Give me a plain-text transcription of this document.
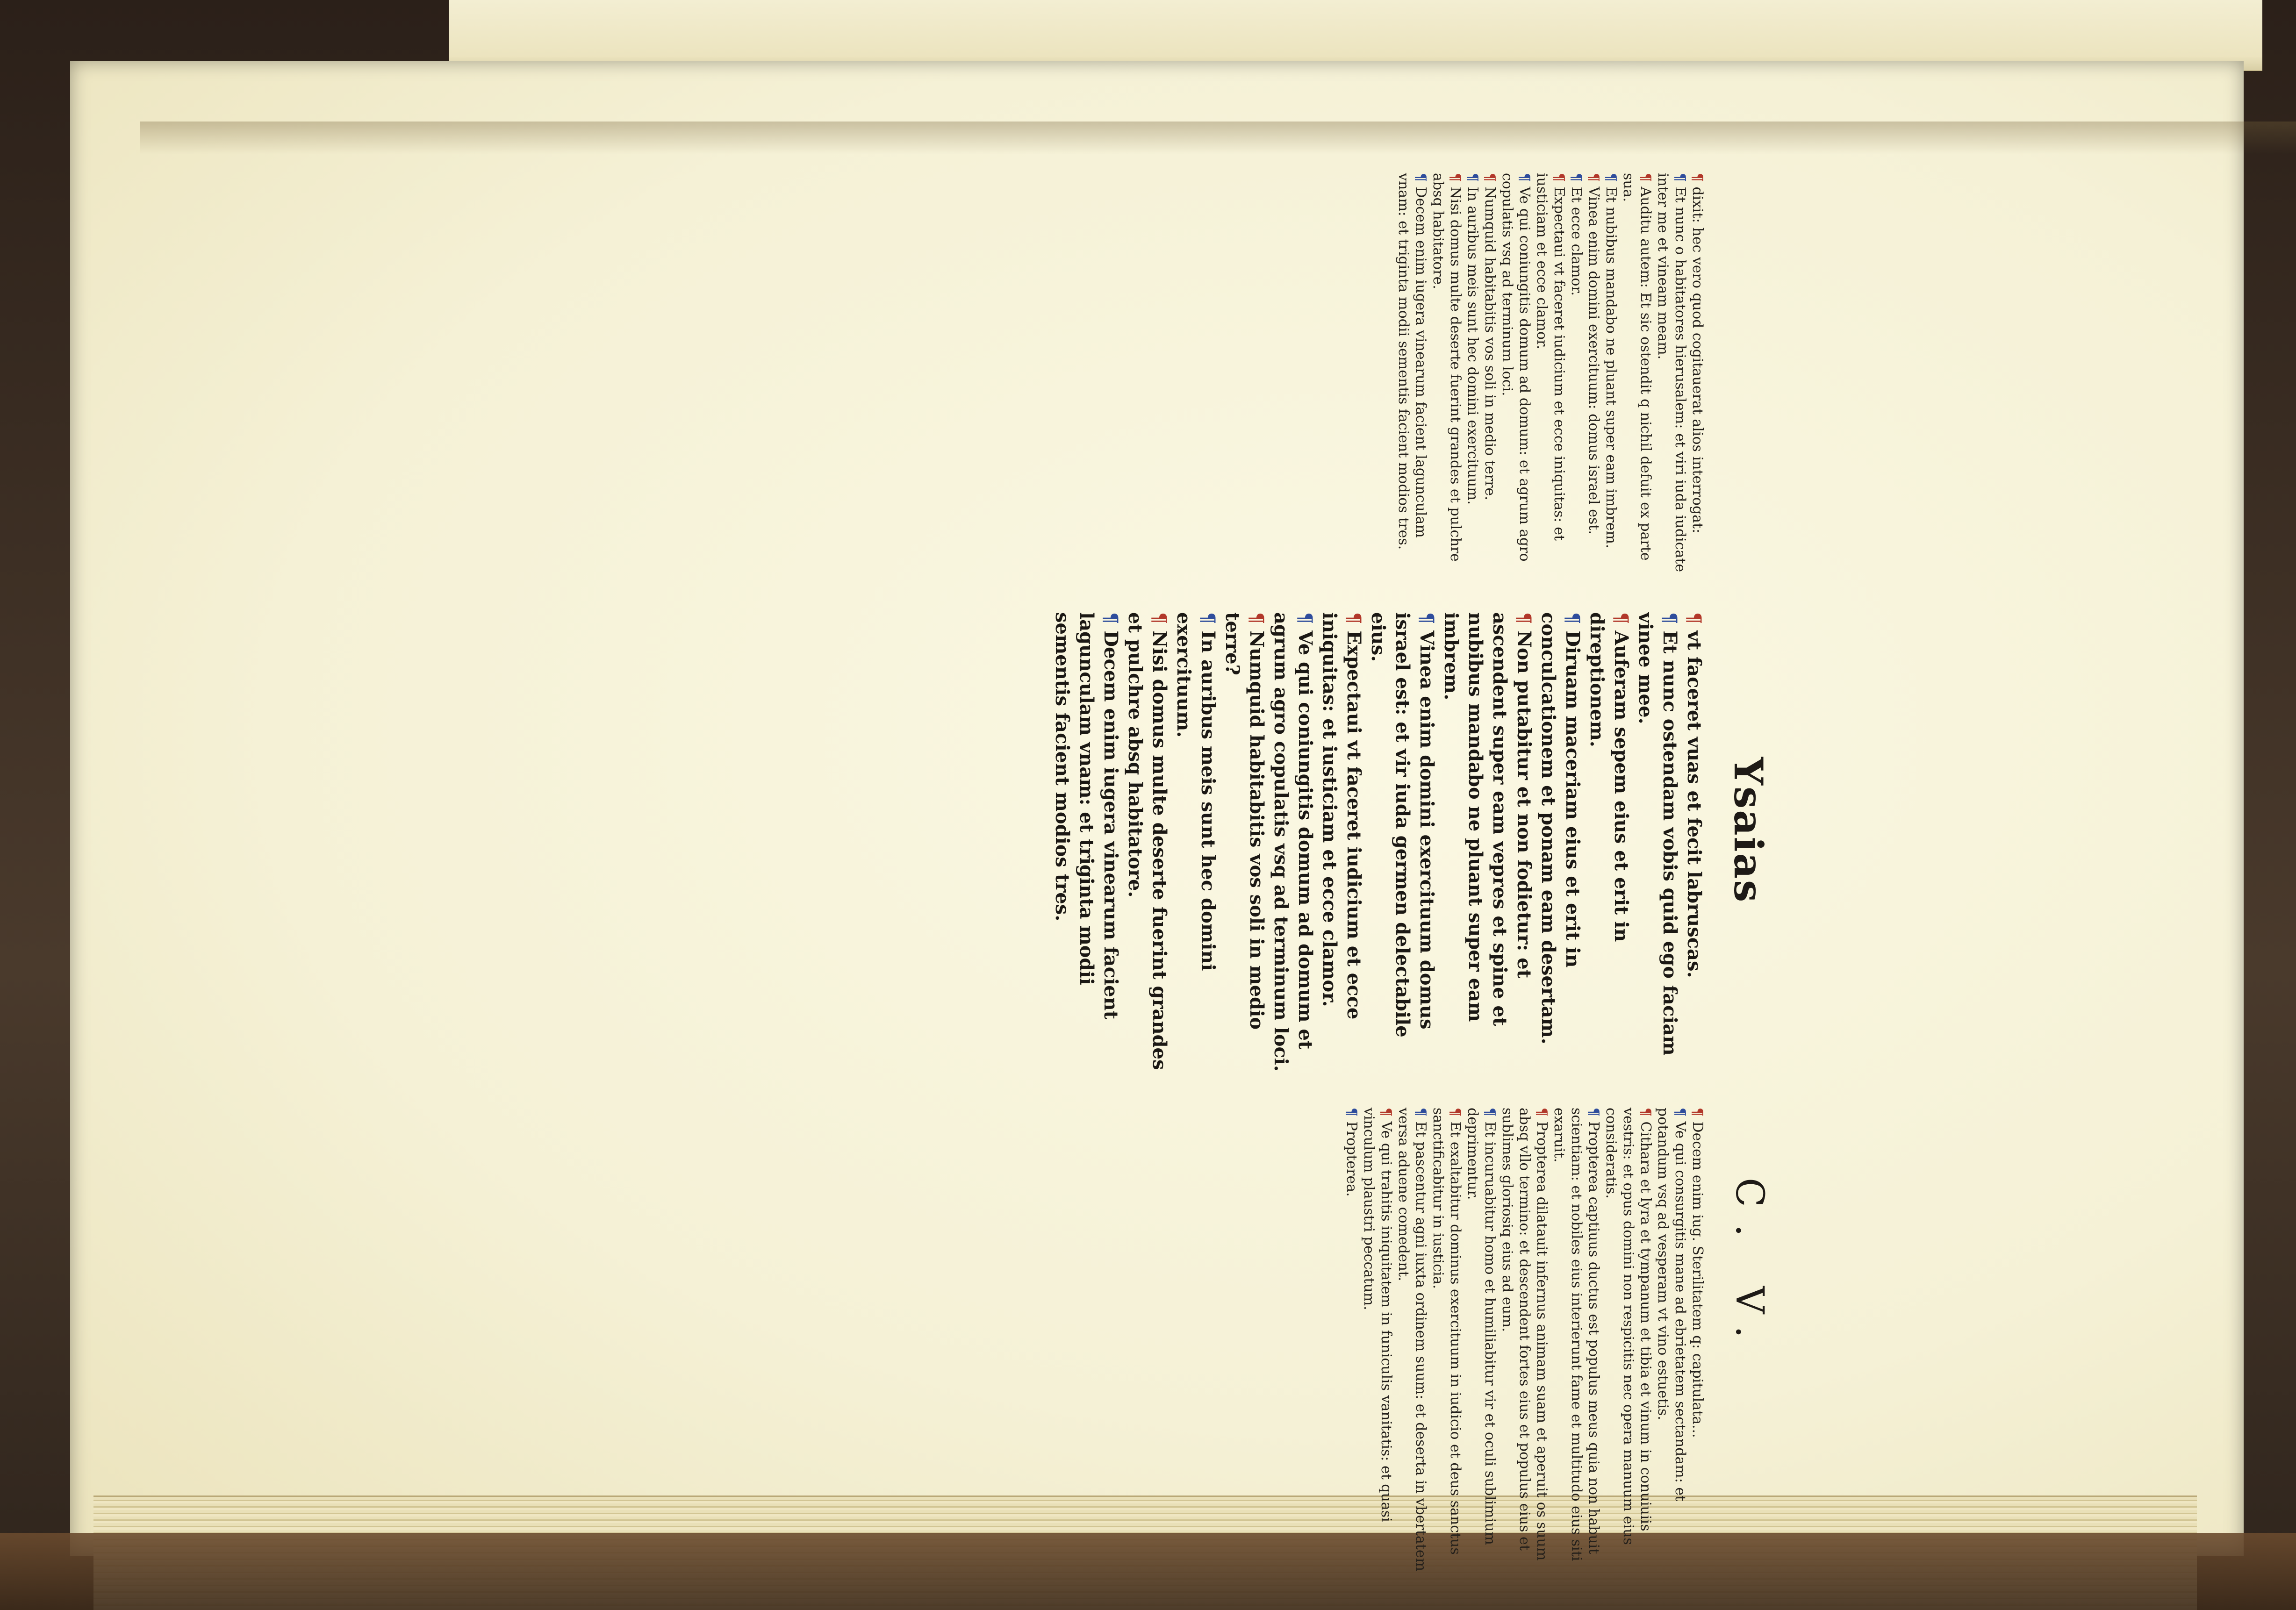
Ysaias
C. V.

¶ dixit: hec vero quod cogitauerat alios interrogat:

¶ Et nunc o habitatores hierusalem: et viri iuda iudicate inter me et vineam meam.

¶ Auditu autem: Et sic ostendit q nichil defuit ex parte sua.

¶ Et nubibus mandabo ne pluant super eam imbrem.

¶ Vinea enim domini exercituum: domus israel est.

¶ Et ecce clamor.

¶ Expectaui vt faceret iudicium et ecce iniquitas: et iusticiam et ecce clamor.

¶ Ve qui coniungitis domum ad domum: et agrum agro copulatis vsq ad terminum loci.

¶ Numquid habitabitis vos soli in medio terre.

¶ In auribus meis sunt hec domini exercituum.

¶ Nisi domus multe deserte fuerint grandes et pulchre absq habitatore.

¶ Decem enim iugera vinearum facient lagunculam vnam: et triginta modii sementis facient modios tres.

¶ vt faceret vuas et fecit labruscas.

¶ Et nunc ostendam vobis quid ego faciam vinee mee.

¶ Auferam sepem eius et erit in direptionem.

¶ Diruam maceriam eius et erit in conculcationem et ponam eam desertam.

¶ Non putabitur et non fodietur: et ascendent super eam vepres et spine et nubibus mandabo ne pluant super eam imbrem.

¶ Vinea enim domini exercituum domus israel est: et vir iuda germen delectabile eius.

¶ Expectaui vt faceret iudicium et ecce iniquitas: et iusticiam et ecce clamor.

¶ Ve qui coniungitis domum ad domum et agrum agro copulatis vsq ad terminum loci.

¶ Numquid habitabitis vos soli in medio terre?

¶ In auribus meis sunt hec domini exercituum.

¶ Nisi domus multe deserte fuerint grandes et pulchre absq habitatore.

¶ Decem enim iugera vinearum facient lagunculam vnam: et triginta modii sementis facient modios tres.

¶ Decem enim iug. Sterilitatem q: capitulata...

¶ Ve qui consurgitis mane ad ebrietatem sectandam: et potandum vsq ad vesperam vt vino estuetis.

¶ Cithara et lyra et tympanum et tibia et vinum in conuiuiis vestris: et opus domini non respicitis nec opera manuum eius consideratis.

¶ Propterea captiuus ductus est populus meus quia non habuit scientiam: et nobiles eius interierunt fame et multitudo eius siti exaruit.

¶ Propterea dilatauit infernus animam suam et aperuit os suum absq vllo termino: et descendent fortes eius et populus eius et sublimes gloriosiq eius ad eum.

¶ Et incuruabitur homo et humiliabitur vir et oculi sublimium deprimentur.

¶ Et exaltabitur dominus exercituum in iudicio et deus sanctus sanctificabitur in iusticia.

¶ Et pascentur agni iuxta ordinem suum: et deserta in vbertatem versa aduene comedent.

¶ Ve qui trahitis iniquitatem in funiculis vanitatis: et quasi vinculum plaustri peccatum.

¶ Propterea.
